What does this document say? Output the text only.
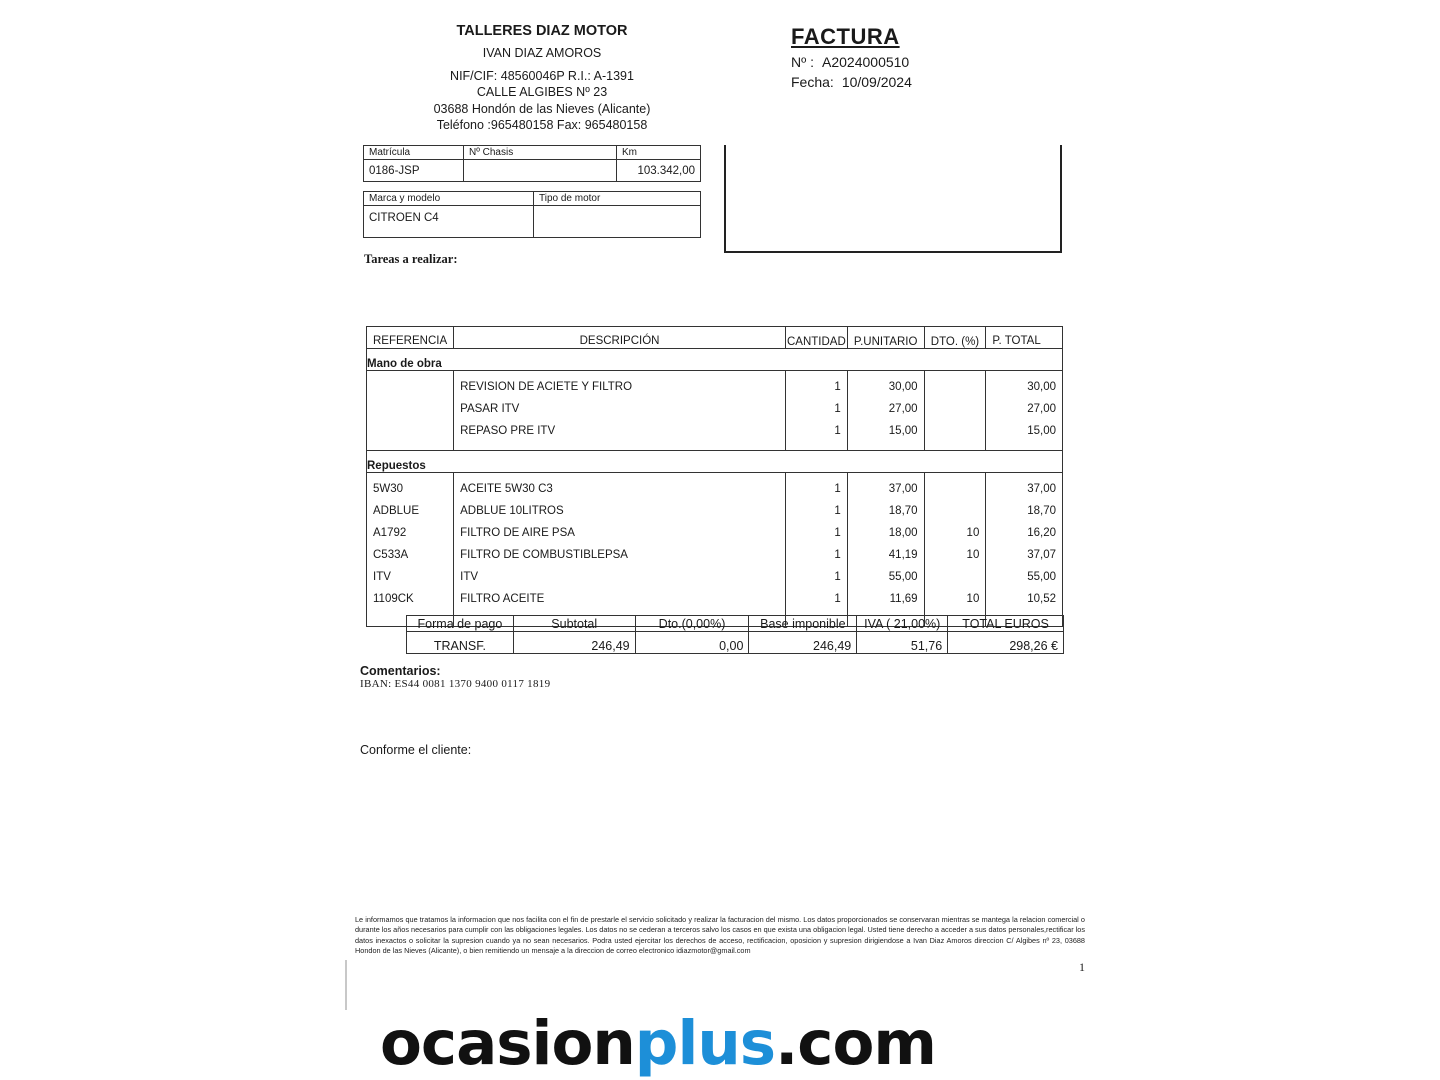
TALLERES DIAZ MOTOR
IVAN DIAZ AMOROS
NIF/CIF: 48560046P R.I.: A-1391
CALLE ALGIBES Nº 23
03688 Hondón de las Nieves (Alicante)
Teléfono :965480158 Fax: 965480158
FACTURA
Nº : A2024000510
Fecha: 10/09/2024
Matrícula	Nº Chasis	Km
0186-JSP		103.342,00
Marca y modelo	Tipo de motor
CITROEN C4	
Tareas a realizar:
REFERENCIA	DESCRIPCIÓN	CANTIDAD	P.UNITARIO	DTO. (%)	P. TOTAL
Mano de obra					
	REVISION DE ACIETE Y FILTRO	1	30,00		30,00
	PASAR ITV	1	27,00		27,00
	REPASO PRE ITV	1	15,00		15,00

Repuestos					
5W30	ACEITE 5W30 C3	1	37,00		37,00
ADBLUE	ADBLUE 10LITROS	1	18,70		18,70
A1792	FILTRO DE AIRE PSA	1	18,00	10	16,20
C533A	FILTRO DE COMBUSTIBLEPSA	1	41,19	10	37,07
ITV	ITV	1	55,00		55,00
1109CK	FILTRO ACEITE	1	11,69	10	10,52

Forma de pago	Subtotal	Dto.(0,00%)	Base imponible	IVA ( 21,00%)	TOTAL EUROS
TRANSF.	246,49	0,00	246,49	51,76	298,26 €
Comentarios:
IBAN: ES44 0081 1370 9400 0117 1819
Conforme el cliente:
Le informamos que tratamos la informacion que nos facilita con el fin de prestarle el servicio solicitado y realizar la facturacion del mismo. Los datos proporcionados se conservaran mientras se mantega la relacion comercial o durante los años necesarios para cumplir con las obligaciones legales. Los datos no se cederan a terceros salvo los casos en que exista una obligacion legal. Usted tiene derecho a acceder a sus datos personales,rectificar los datos inexactos o solicitar la supresion cuando ya no sean necesarios. Podra usted ejercitar los derechos de acceso, rectificacion, oposicion y supresion dirigiendose a Ivan Diaz Amoros direccion C/ Algibes nº 23, 03688 Hondon de las Nieves (Alicante), o bien remitiendo un mensaje a la direccion de correo electronico idiazmotor@gmail.com
1
ocasionplus.com
